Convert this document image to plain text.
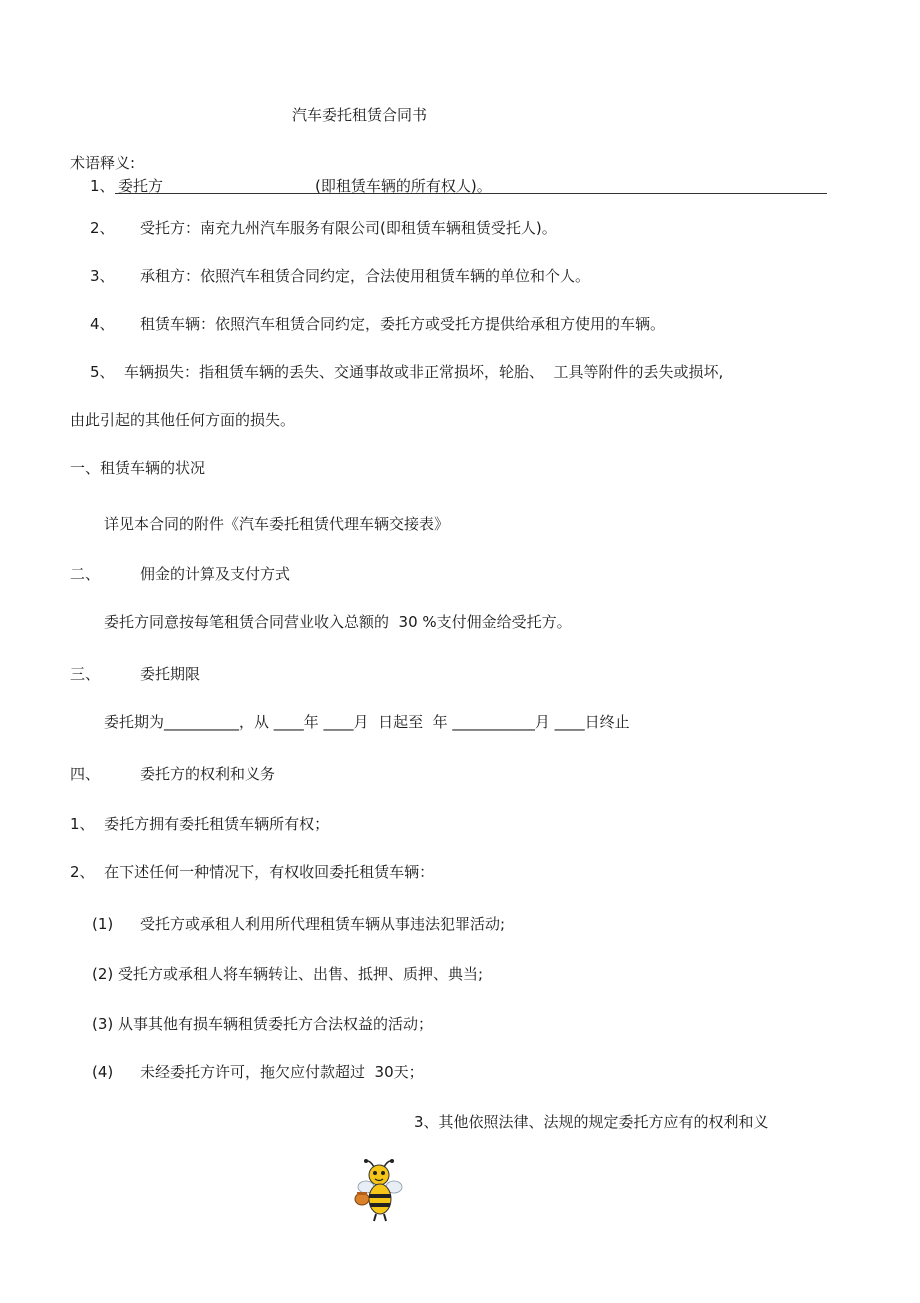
汽车委托租赁合同书
术语释义:
1、 委托方	(即租赁车辆的所有权人)。
2、 受托方：南充九州汽车服务有限公司(即租赁车辆租赁受托人)。
3、 承租方：依照汽车租赁合同约定，合法使用租赁车辆的单位和个人。
4、 租赁车辆：依照汽车租赁合同约定，委托方或受托方提供给承租方使用的车辆。
5、 车辆损失：指租赁车辆的丢失、交通事故或非正常损坏，轮胎、  工具等附件的丢失或损坏,
由此引起的其他任何方面的损失。
一、租赁车辆的状况
详见本合同的附件《汽车委托租赁代理车辆交接表》
二、	佣金的计算及支付方式
委托方同意按每笔租赁合同营业收入总额的  30 %支付佣金给受托方。
三、	委托期限
委托期为__________，从 ____年 ____月  日起至  年 ___________月 ____日终止
四、	委托方的权利和义务
1、  委托方拥有委托租赁车辆所有权；
2、  在下述任何一种情况下，有权收回委托租赁车辆：
(1) 受托方或承租人利用所代理租赁车辆从事违法犯罪活动;
(2) 受托方或承租人将车辆转让、出售、抵押、质押、典当;
(3) 从事其他有损车辆租赁委托方合法权益的活动；
(4) 未经委托方许可，拖欠应付款超过  30天；
3、其他依照法律、法规的规定委托方应有的权利和义
